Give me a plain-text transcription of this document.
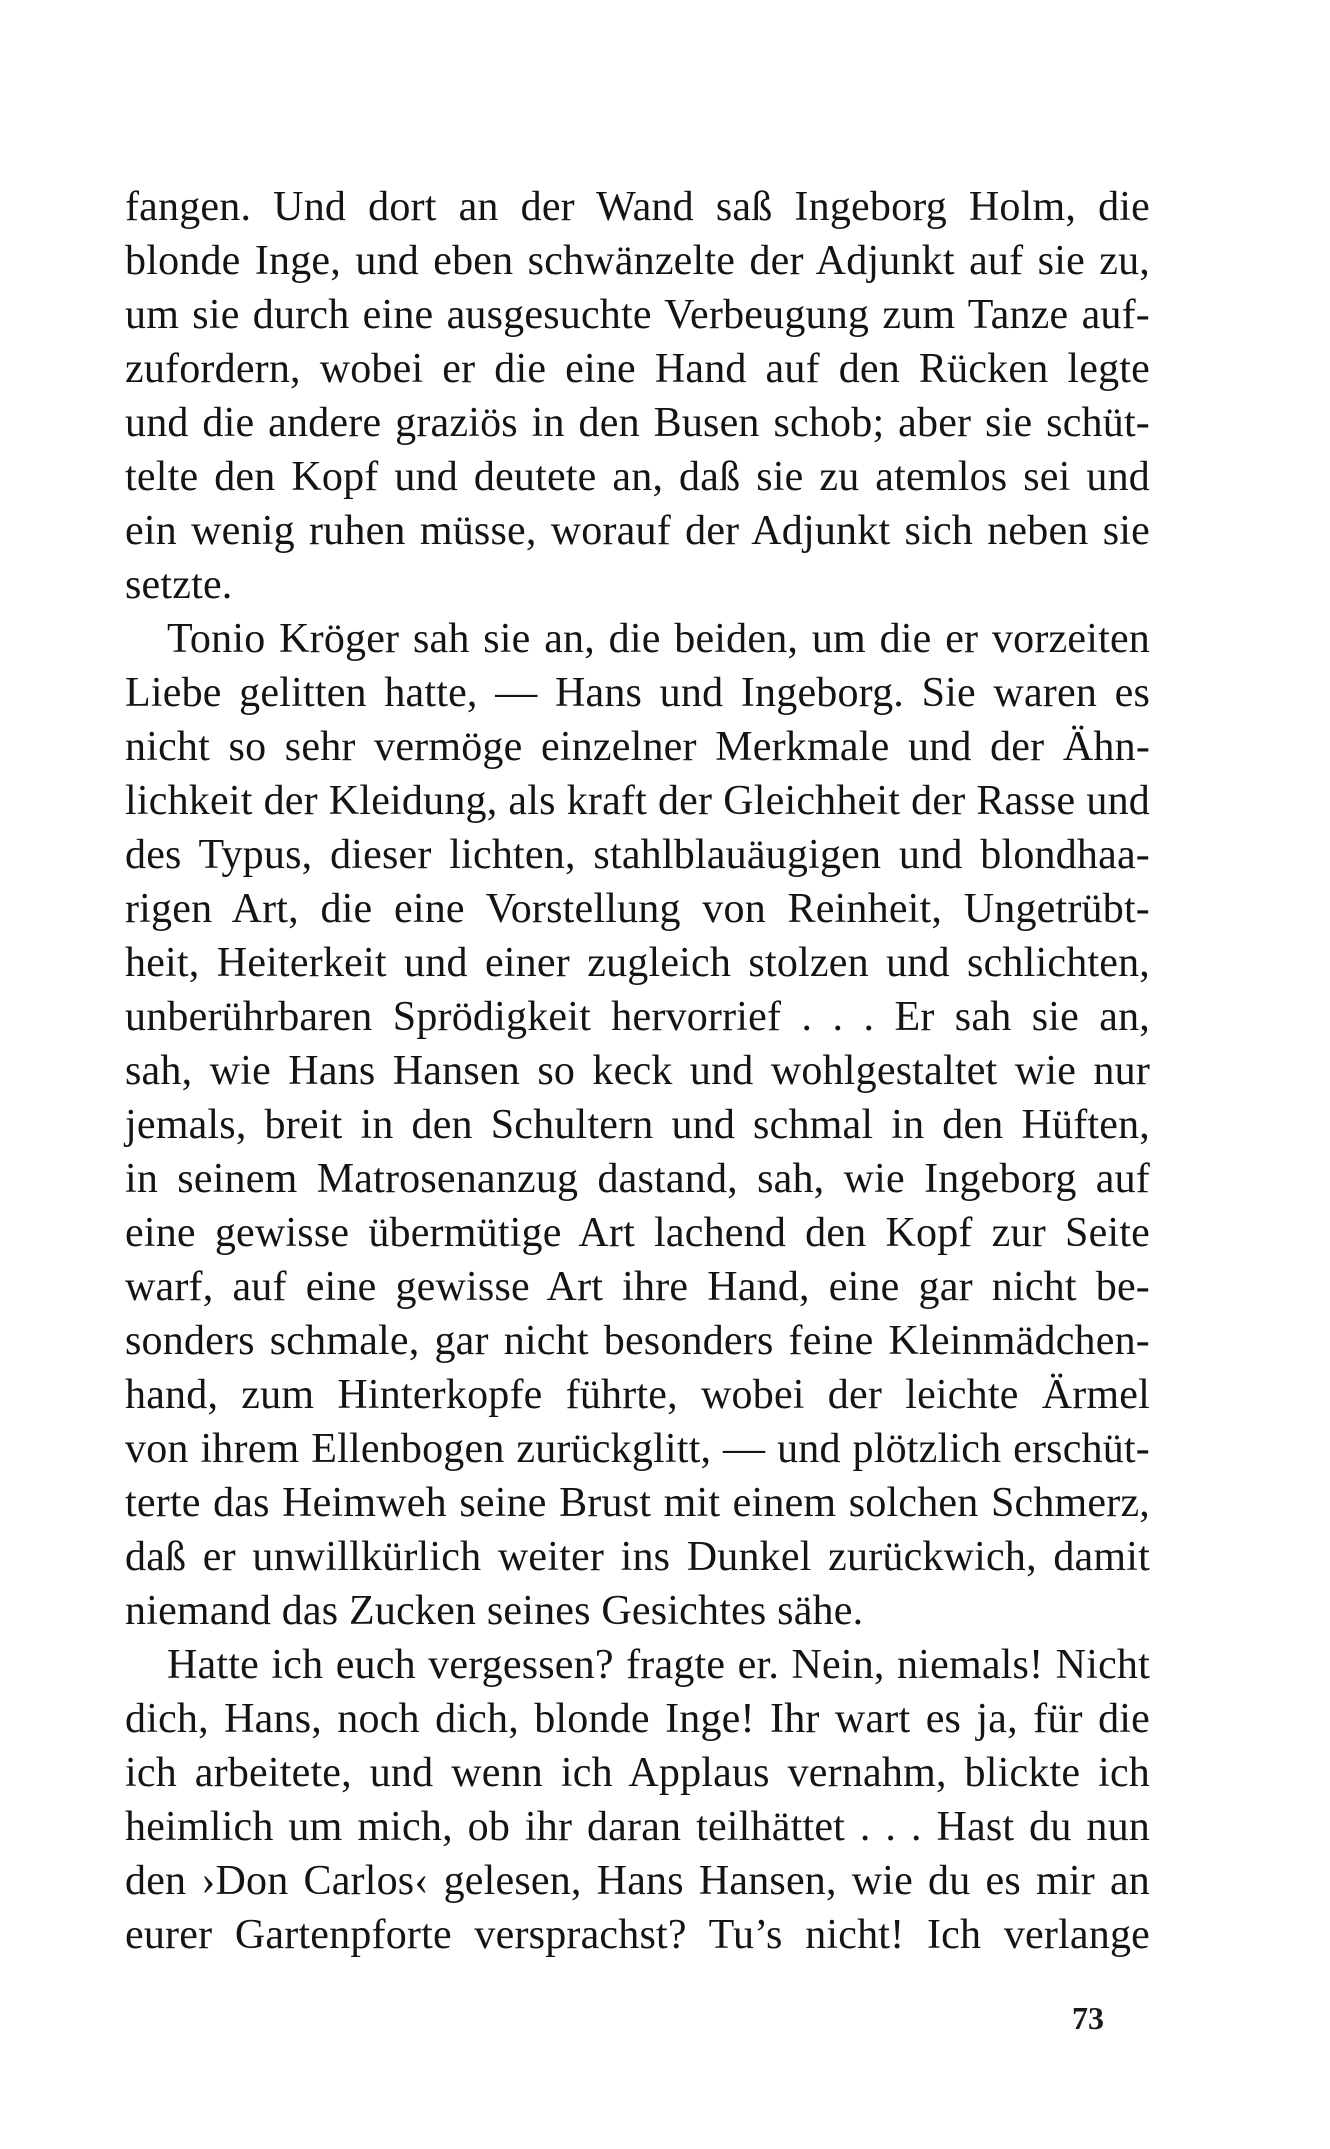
fangen. Und dort an der Wand saß Ingeborg Holm, die
blonde Inge, und eben schwänzelte der Adjunkt auf sie zu,
um sie durch eine ausgesuchte Verbeugung zum Tanze auf-
zufordern, wobei er die eine Hand auf den Rücken legte
und die andere graziös in den Busen schob; aber sie schüt-
telte den Kopf und deutete an, daß sie zu atemlos sei und
ein wenig ruhen müsse, worauf der Adjunkt sich neben sie
setzte.
Tonio Kröger sah sie an, die beiden, um die er vorzeiten
Liebe gelitten hatte, — Hans und Ingeborg. Sie waren es
nicht so sehr vermöge einzelner Merkmale und der Ähn-
lichkeit der Kleidung, als kraft der Gleichheit der Rasse und
des Typus, dieser lichten, stahlblauäugigen und blondhaa-
rigen Art, die eine Vorstellung von Reinheit, Ungetrübt-
heit, Heiterkeit und einer zugleich stolzen und schlichten,
unberührbaren Sprödigkeit hervorrief . . . Er sah sie an,
sah, wie Hans Hansen so keck und wohlgestaltet wie nur
jemals, breit in den Schultern und schmal in den Hüften,
in seinem Matrosenanzug dastand, sah, wie Ingeborg auf
eine gewisse übermütige Art lachend den Kopf zur Seite
warf, auf eine gewisse Art ihre Hand, eine gar nicht be-
sonders schmale, gar nicht besonders feine Kleinmädchen-
hand, zum Hinterkopfe führte, wobei der leichte Ärmel
von ihrem Ellenbogen zurückglitt, — und plötzlich erschüt-
terte das Heimweh seine Brust mit einem solchen Schmerz,
daß er unwillkürlich weiter ins Dunkel zurückwich, damit
niemand das Zucken seines Gesichtes sähe.
Hatte ich euch vergessen? fragte er. Nein, niemals! Nicht
dich, Hans, noch dich, blonde Inge! Ihr wart es ja, für die
ich arbeitete, und wenn ich Applaus vernahm, blickte ich
heimlich um mich, ob ihr daran teilhättet . . . Hast du nun
den ›Don Carlos‹ gelesen, Hans Hansen, wie du es mir an
eurer Gartenpforte versprachst? Tu’s nicht! Ich verlange
73
